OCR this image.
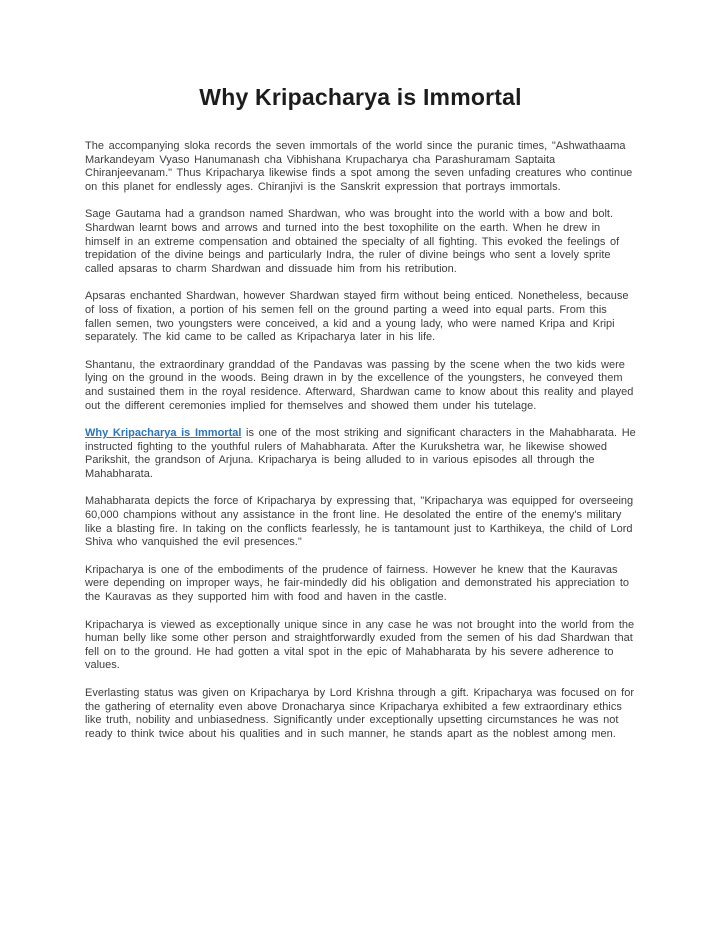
Why Kripacharya is Immortal

The accompanying sloka records the seven immortals of the world since the puranic times, "Ashwathaama Markandeyam Vyaso Hanumanash cha Vibhishana Krupacharya cha Parashuramam Saptaita Chiranjeevanam." Thus Kripacharya likewise finds a spot among the seven unfading creatures who continue on this planet for endlessly ages. Chiranjivi is the Sanskrit expression that portrays immortals.

Sage Gautama had a grandson named Shardwan, who was brought into the world with a bow and bolt. Shardwan learnt bows and arrows and turned into the best toxophilite on the earth. When he drew in himself in an extreme compensation and obtained the specialty of all fighting. This evoked the feelings of trepidation of the divine beings and particularly Indra, the ruler of divine beings who sent a lovely sprite called apsaras to charm Shardwan and dissuade him from his retribution.

Apsaras enchanted Shardwan, however Shardwan stayed firm without being enticed. Nonetheless, because of loss of fixation, a portion of his semen fell on the ground parting a weed into equal parts. From this fallen semen, two youngsters were conceived, a kid and a young lady, who were named Kripa and Kripi separately. The kid came to be called as Kripacharya later in his life.

Shantanu, the extraordinary granddad of the Pandavas was passing by the scene when the two kids were lying on the ground in the woods. Being drawn in by the excellence of the youngsters, he conveyed them and sustained them in the royal residence. Afterward, Shardwan came to know about this reality and played out the different ceremonies implied for themselves and showed them under his tutelage.

Why Kripacharya is Immortal is one of the most striking and significant characters in the Mahabharata. He instructed fighting to the youthful rulers of Mahabharata. After the Kurukshetra war, he likewise showed Parikshit, the grandson of Arjuna. Kripacharya is being alluded to in various episodes all through the Mahabharata.

Mahabharata depicts the force of Kripacharya by expressing that, "Kripacharya was equipped for overseeing 60,000 champions without any assistance in the front line. He desolated the entire of the enemy's military like a blasting fire. In taking on the conflicts fearlessly, he is tantamount just to Karthikeya, the child of Lord Shiva who vanquished the evil presences."

Kripacharya is one of the embodiments of the prudence of fairness. However he knew that the Kauravas were depending on improper ways, he fair-mindedly did his obligation and demonstrated his appreciation to the Kauravas as they supported him with food and haven in the castle.

Kripacharya is viewed as exceptionally unique since in any case he was not brought into the world from the human belly like some other person and straightforwardly exuded from the semen of his dad Shardwan that fell on to the ground. He had gotten a vital spot in the epic of Mahabharata by his severe adherence to values.

Everlasting status was given on Kripacharya by Lord Krishna through a gift. Kripacharya was focused on for the gathering of eternality even above Dronacharya since Kripacharya exhibited a few extraordinary ethics like truth, nobility and unbiasedness. Significantly under exceptionally upsetting circumstances he was not ready to think twice about his qualities and in such manner, he stands apart as the noblest among men.
